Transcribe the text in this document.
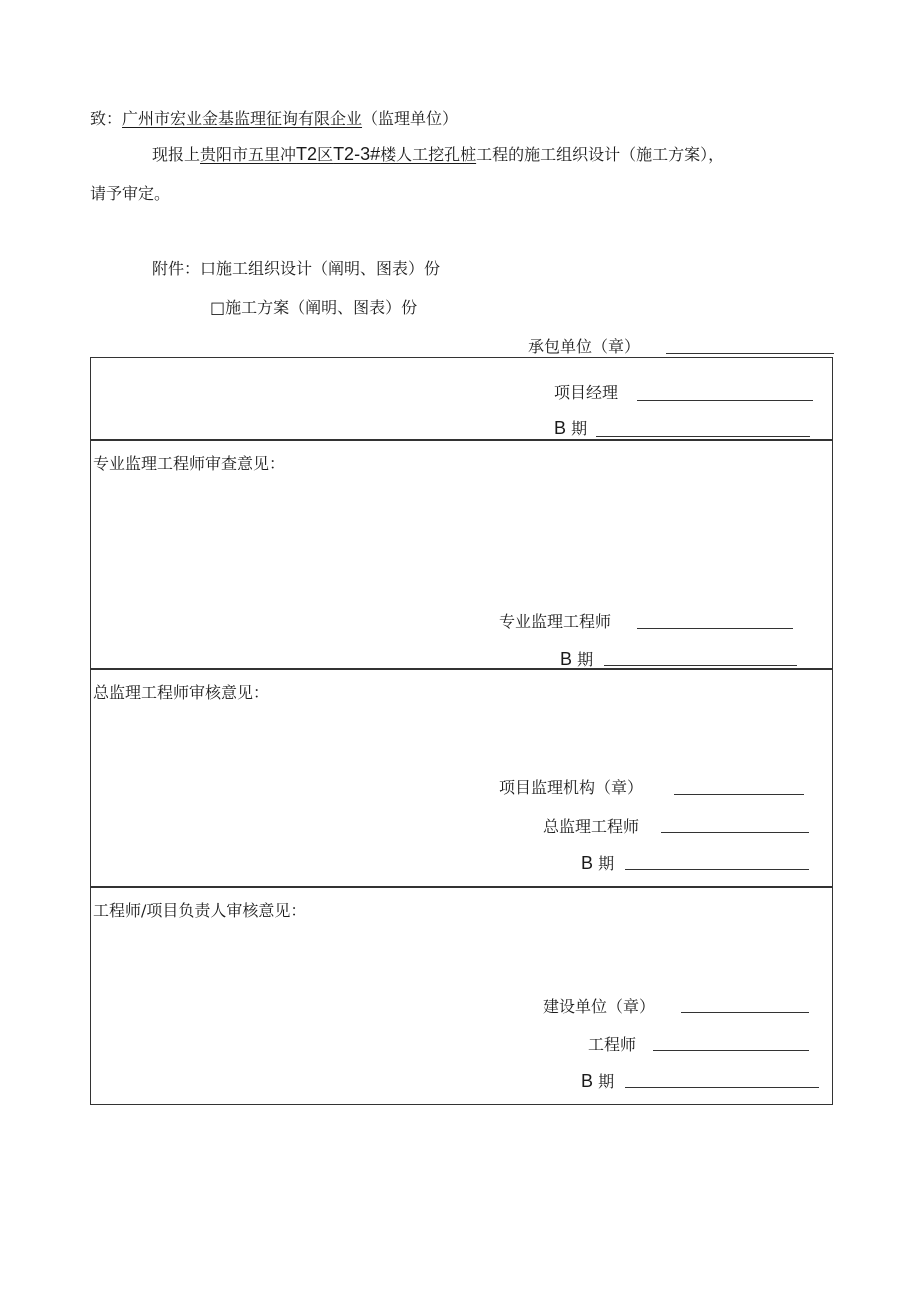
致：广州市宏业金基监理征询有限企业（监理单位）
现报上贵阳市五里冲T2区T2-3#楼人工挖孔桩工程的施工组织设计（施工方案），
请予审定。
附件：口施工组织设计（阐明、图表）份
□施工方案（阐明、图表）份
承包单位（章）
项目经理
B 期
专业监理工程师审查意见：
专业监理工程师
B 期
总监理工程师审核意见：
项目监理机构（章）
总监理工程师
B 期
工程师/项目负责人审核意见：
建设单位（章）
工程师
B 期
